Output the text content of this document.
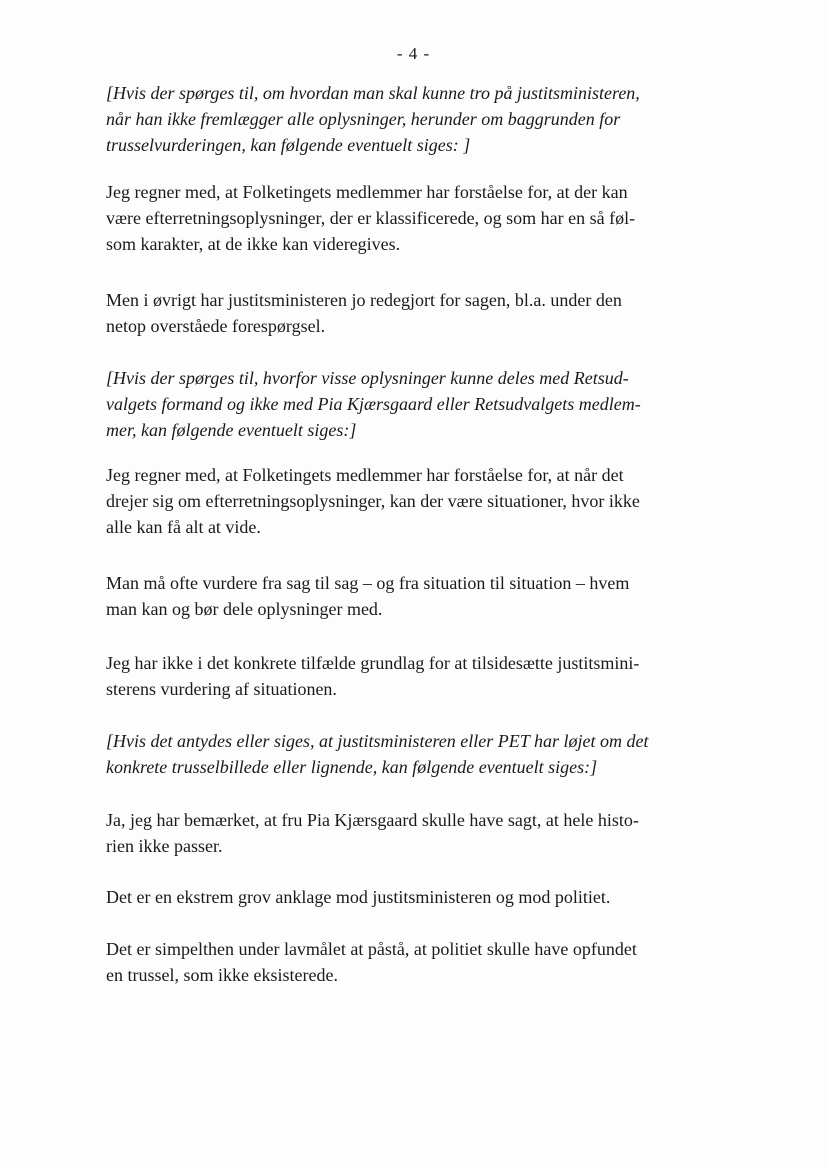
- 4 -

[Hvis der spørges til, om hvordan man skal kunne tro på justitsministeren,
når han ikke fremlægger alle oplysninger, herunder om baggrunden for
trusselvurderingen, kan følgende eventuelt siges: ]

Jeg regner med, at Folketingets medlemmer har forståelse for, at der kan
være efterretningsoplysninger, der er klassificerede, og som har en så føl-
som karakter, at de ikke kan videregives.

Men i øvrigt har justitsministeren jo redegjort for sagen, bl.a. under den
netop overståede forespørgsel.

[Hvis der spørges til, hvorfor visse oplysninger kunne deles med Retsud-
valgets formand og ikke med Pia Kjærsgaard eller Retsudvalgets medlem-
mer, kan følgende eventuelt siges:]

Jeg regner med, at Folketingets medlemmer har forståelse for, at når det
drejer sig om efterretningsoplysninger, kan der være situationer, hvor ikke
alle kan få alt at vide.

Man må ofte vurdere fra sag til sag – og fra situation til situation – hvem
man kan og bør dele oplysninger med.

Jeg har ikke i det konkrete tilfælde grundlag for at tilsidesætte justitsmini-
sterens vurdering af situationen.

[Hvis det antydes eller siges, at justitsministeren eller PET har løjet om det
konkrete trusselbillede eller lignende, kan følgende eventuelt siges:]

Ja, jeg har bemærket, at fru Pia Kjærsgaard skulle have sagt, at hele histo-
rien ikke passer.

Det er en ekstrem grov anklage mod justitsministeren og mod politiet.

Det er simpelthen under lavmålet at påstå, at politiet skulle have opfundet
en trussel, som ikke eksisterede.
